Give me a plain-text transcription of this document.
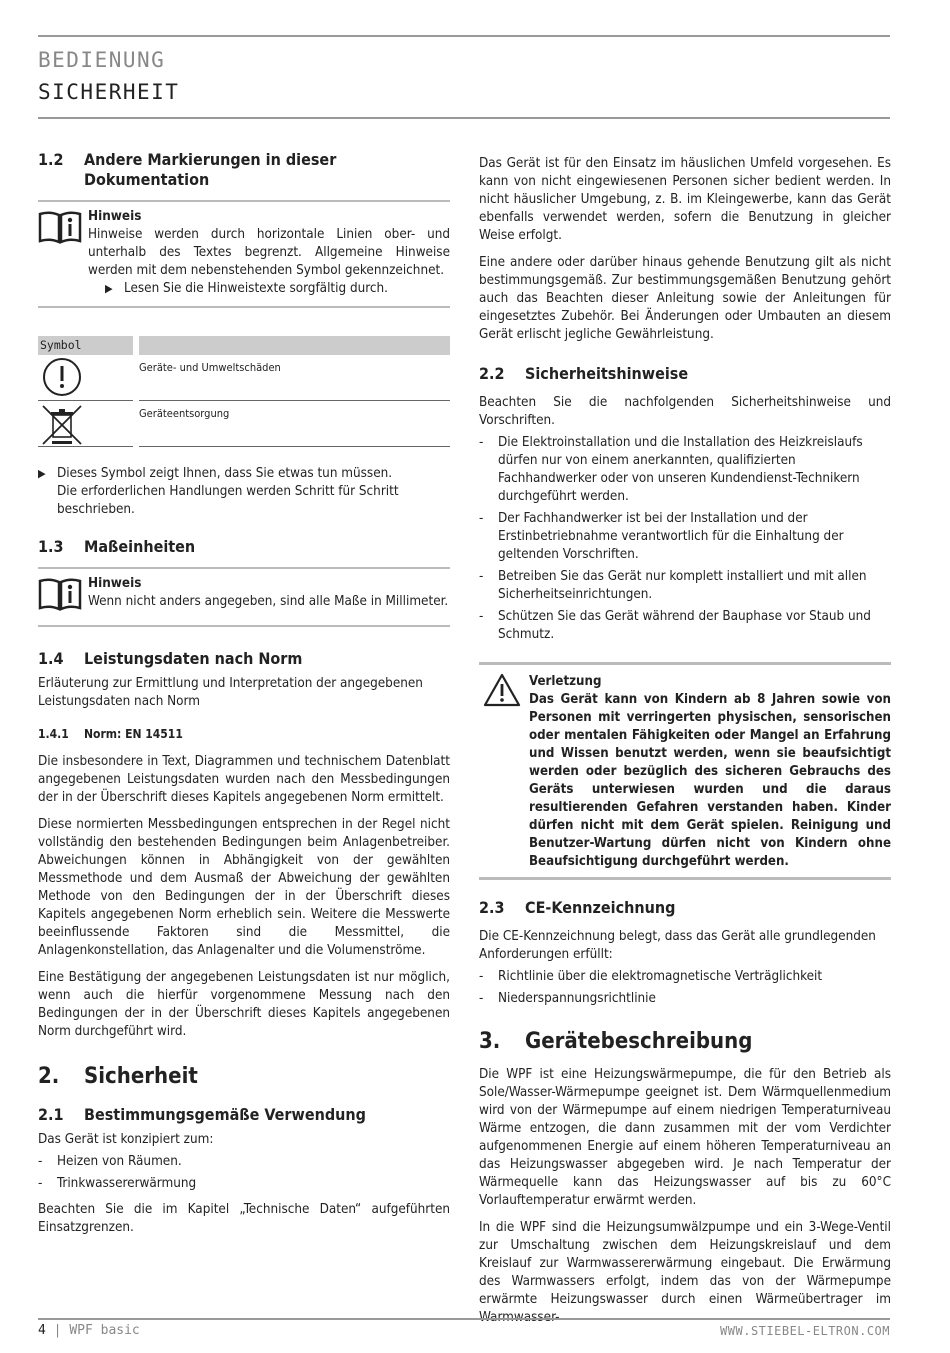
BEDIENUNG
SICHERHEIT
1.2	Andere Markierungen in dieser Dokumentation
Hinweis

Hinweise werden durch horizontale Linien ober- und unterhalb des Textes begrenzt. Allgemeine Hinweise werden mit dem nebenstehenden Symbol gekennzeichnet.

▶ Lesen Sie die Hinweistexte sorgfältig durch.
Symbol
Geräte- und Umweltschäden
Geräteentsorgung
▶ Dieses Symbol zeigt Ihnen, dass Sie etwas tun müssen.

Die erforderlichen Handlungen werden Schritt für Schritt beschrieben.

1.3	Maßeinheiten
Hinweis

Wenn nicht anders angegeben, sind alle Maße in Millimeter.

1.4	Leistungsdaten nach Norm

Erläuterung zur Ermittlung und Interpretation der angegebenen Leistungsdaten nach Norm

1.4.1	Norm: EN 14511

Die insbesondere in Text, Diagrammen und technischem Datenblatt angegebenen Leistungsdaten wurden nach den Messbedingungen der in der Überschrift dieses Kapitels angegebenen Norm ermittelt.

Diese normierten Messbedingungen entsprechen in der Regel nicht vollständig den bestehenden Bedingungen beim Anlagenbetreiber. Abweichungen können in Abhängigkeit von der gewählten Messmethode und dem Ausmaß der Abweichung der gewählten Methode von den Bedingungen der in der Überschrift dieses Kapitels angegebenen Norm erheblich sein. Weitere die Messwerte beeinflussende Faktoren sind die Messmittel, die Anlagenkonstellation, das Anlagenalter und die Volumenströme.

Eine Bestätigung der angegebenen Leistungsdaten ist nur möglich, wenn auch die hierfür vorgenommene Messung nach den Bedingungen der in der Überschrift dieses Kapitels angegebenen Norm durchgeführt wird.

2.	Sicherheit
2.1	Bestimmungsgemäße Verwendung

Das Gerät ist konzipiert zum:

-	Heizen von Räumen.
-	Trinkwassererwärmung

Beachten Sie die im Kapitel „Technische Daten“ aufgeführten Einsatzgrenzen.

Das Gerät ist für den Einsatz im häuslichen Umfeld vorgesehen. Es kann von nicht eingewiesenen Personen sicher bedient werden. In nicht häuslicher Umgebung, z. B. im Kleingewerbe, kann das Gerät ebenfalls verwendet werden, sofern die Benutzung in gleicher Weise erfolgt.

Eine andere oder darüber hinaus gehende Benutzung gilt als nicht bestimmungsgemäß. Zur bestimmungsgemäßen Benutzung gehört auch das Beachten dieser Anleitung sowie der Anleitungen für eingesetztes Zubehör. Bei Änderungen oder Umbauten an diesem Gerät erlischt jegliche Gewährleistung.

2.2	Sicherheitshinweise

Beachten Sie die nachfolgenden Sicherheitshinweise und Vorschriften.

-	Die Elektroinstallation und die Installation des Heizkreislaufs dürfen nur von einem anerkannten, qualifizierten Fachhandwerker oder von unseren Kundendienst-Technikern durchgeführt werden.
-	Der Fachhandwerker ist bei der Installation und der Erstinbetriebnahme verantwortlich für die Einhaltung der geltenden Vorschriften.
-	Betreiben Sie das Gerät nur komplett installiert und mit allen Sicherheitseinrichtungen.
-	Schützen Sie das Gerät während der Bauphase vor Staub und Schmutz.
Verletzung
Das Gerät kann von Kindern ab 8 Jahren sowie von Personen mit verringerten physischen, sensorischen oder mentalen Fähigkeiten oder Mangel an Erfahrung und Wissen benutzt werden, wenn sie beaufsichtigt werden oder bezüglich des sicheren Gebrauchs des Geräts unterwiesen wurden und die daraus resultierenden Gefahren verstanden haben. Kinder dürfen nicht mit dem Gerät spielen. Reinigung und Benutzer-Wartung dürfen nicht von Kindern ohne Beaufsichtigung durchgeführt werden.
2.3	CE-Kennzeichnung

Die CE-Kennzeichnung belegt, dass das Gerät alle grundlegenden Anforderungen erfüllt:

-	Richtlinie über die elektromagnetische Verträglichkeit
-	Niederspannungsrichtlinie
3.	Gerätebeschreibung

Die WPF ist eine Heizungswärmepumpe, die für den Betrieb als Sole/Wasser-Wärmepumpe geeignet ist. Dem Wärmquellenmedium wird von der Wärmepumpe auf einem niedrigen Temperaturniveau Wärme entzogen, die dann zusammen mit der vom Verdichter aufgenommenen Energie auf einem höheren Temperaturniveau an das Heizungswasser abgegeben wird. Je nach Temperatur der Wärmequelle kann das Heizungswasser auf bis zu 60°C Vorlauftemperatur erwärmt werden.

In die WPF sind die Heizungsumwälzpumpe und ein 3-Wege-Ventil zur Umschaltung zwischen dem Heizungskreislauf und dem Kreislauf zur Warmwassererwärmung eingebaut. Die Erwärmung des Warmwassers erfolgt, indem das von der Wärmepumpe erwärmte Heizungswasser durch einen Wärmeübertrager im

4 | WPF basic	WWW.STIEBEL-ELTRON.COM
